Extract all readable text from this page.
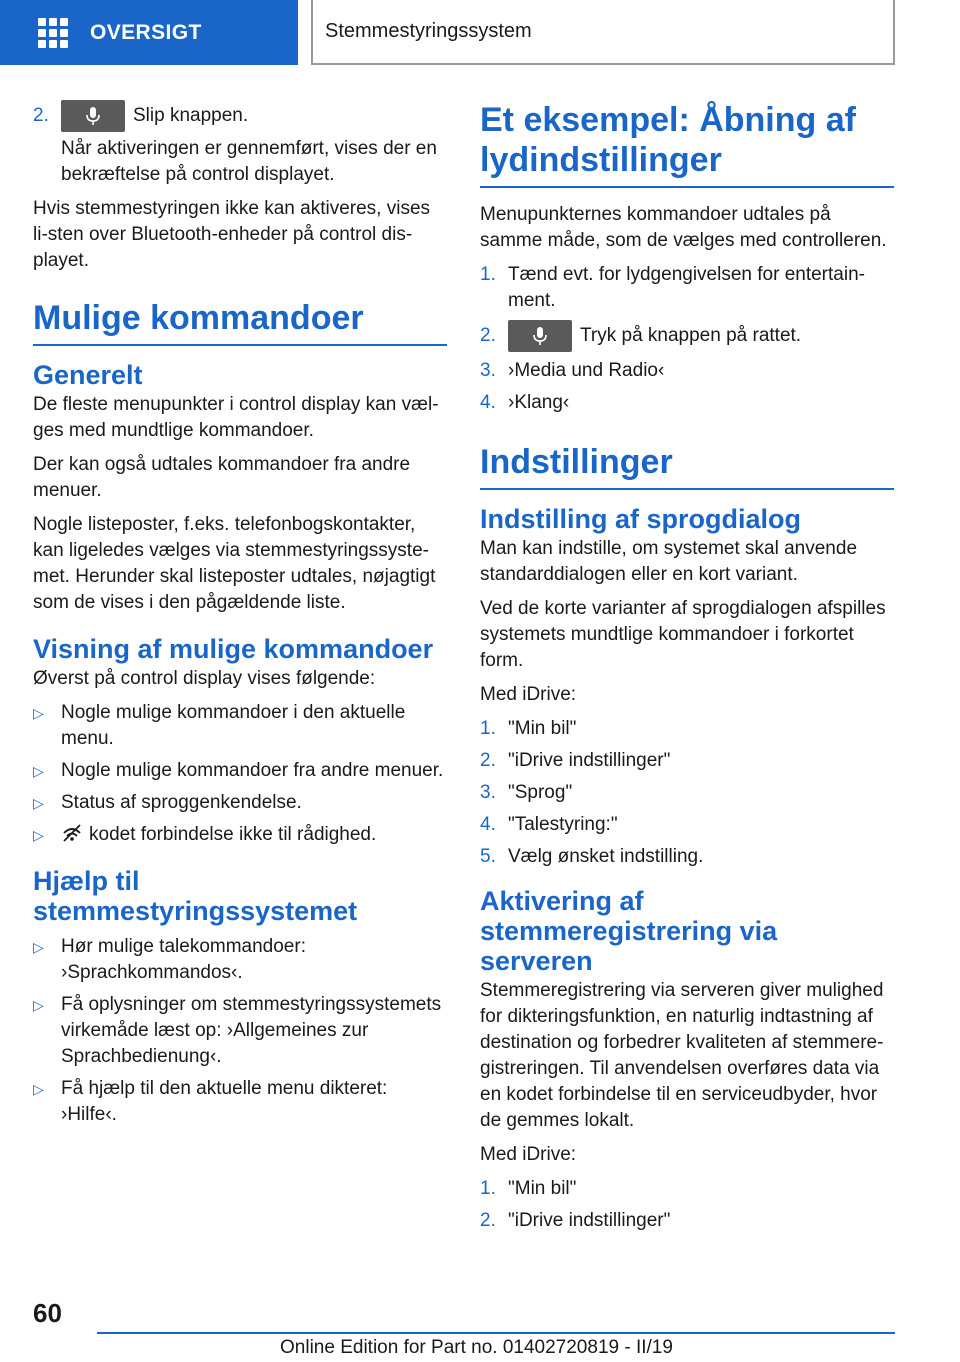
OVERSIGT	Stemmestyringssystem
2.	Slip knappen.

Når aktiveringen er gennemført, vises der en bekræftelse på control displayet.

Hvis stemmestyringen ikke kan aktiveres, vises li-sten over Bluetooth-enheder på control dis-playet.

Mulige kommandoer
Generelt

De fleste menupunkter i control display kan væl-ges med mundtlige kommandoer.

Der kan også udtales kommandoer fra andre menuer.

Nogle listeposter, f.eks. telefonbogskontakter, kan ligeledes vælges via stemmestyringssyste-met. Herunder skal listeposter udtales, nøjagtigt som de vises i den pågældende liste.

Visning af mulige kommandoer

Øverst på control display vises følgende:

▷ Nogle mulige kommandoer i den aktuelle menu.
▷ Nogle mulige kommandoer fra andre menuer.
▷ Status af sproggenkendelse.
▷	kodet forbindelse ikke til rådighed.
Hjælp til stemmestyringssystemet
▷ Hør mulige talekommandoer: ›Sprachkommandos‹.
▷ Få oplysninger om stemmestyringssystemets virkemåde læst op: ›Allgemeines zur Sprachbedienung‹.
▷ Få hjælp til den aktuelle menu dikteret: ›Hilfe‹.
Et eksempel: Åbning af lydindstillinger

Menupunkternes kommandoer udtales på samme måde, som de vælges med controlleren.

1. Tænd evt. for lydgengivelsen for entertain-ment.
2.	Tryk på knappen på rattet.
3. ›Media und Radio‹
4. ›Klang‹
Indstillinger
Indstilling af sprogdialog

Man kan indstille, om systemet skal anvende standarddialogen eller en kort variant.

Ved de korte varianter af sprogdialogen afspilles systemets mundtlige kommandoer i forkortet form.

Med iDrive:

1. "Min bil"
2. "iDrive indstillinger"
3. "Sprog"
4. "Talestyring:"
5. Vælg ønsket indstilling.
Aktivering af stemmeregistrering via serveren

Stemmeregistrering via serveren giver mulighed for dikteringsfunktion, en naturlig indtastning af destination og forbedrer kvaliteten af stemmere-gistreringen. Til anvendelsen overføres data via en kodet forbindelse til en serviceudbyder, hvor de gemmes lokalt.

Med iDrive:

1. "Min bil"
2. "iDrive indstillinger"
60
Online Edition for Part no. 01402720819 - II/19
